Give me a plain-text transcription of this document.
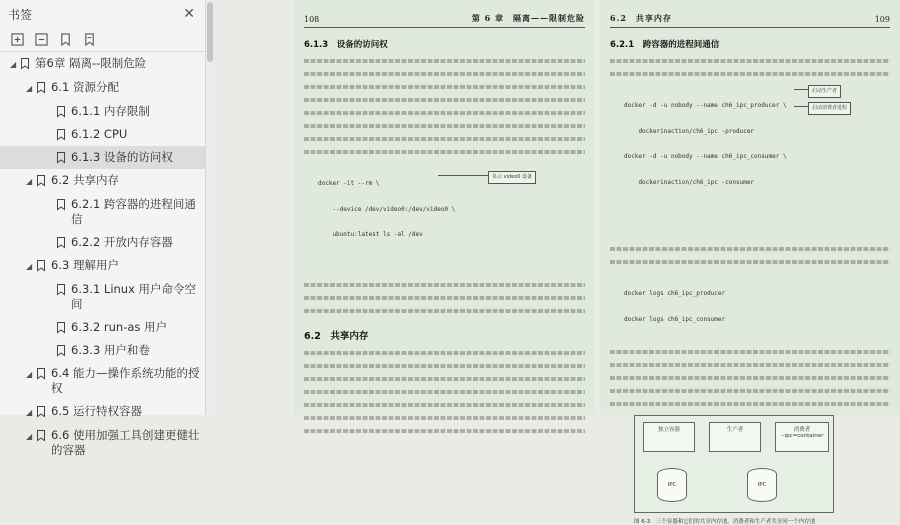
书签	✕
◢	第6章 隔离--限制危险
◢	6.1 资源分配
6.1.1 内存限制
6.1.2 CPU
6.1.3 设备的访问权
◢	6.2 共享内存
6.2.1 跨容器的进程间通信
6.2.2 开放内存容器
◢	6.3 理解用户
6.3.1 Linux 用户命令空间
6.3.2 run-as 用户
6.3.3 用户和卷
◢	6.4 能力—操作系统功能的授权
◢	6.5 运行特权容器
◢	6.6 使用加强工具创建更健壮的容器
108	第 6 章　隔离——限制危险
6.1.3　设备的访问权

docker -it --rm \

--device /dev/video0:/dev/video0 \

ubuntu:latest ls -al /dev

显示 video0 设备

6.2　共享内存
6.2　共享内存	109
6.2.1　跨容器的进程间通信

docker -d -u nobody --name ch6_ipc_producer \

dockerinaction/ch6_ipc -producer

docker -d -u nobody --name ch6_ipc_consumer \

dockerinaction/ch6_ipc -consumer

启动生产者

启动消费者进程

docker logs ch6_ipc_producer

docker logs ch6_ipc_consumer

独立容器	生产者	消费者
--ipc=container
IPC	IPC
图 6-3　三个容器和它们的共享内存池。消费者和生产者共享同一个内存池
